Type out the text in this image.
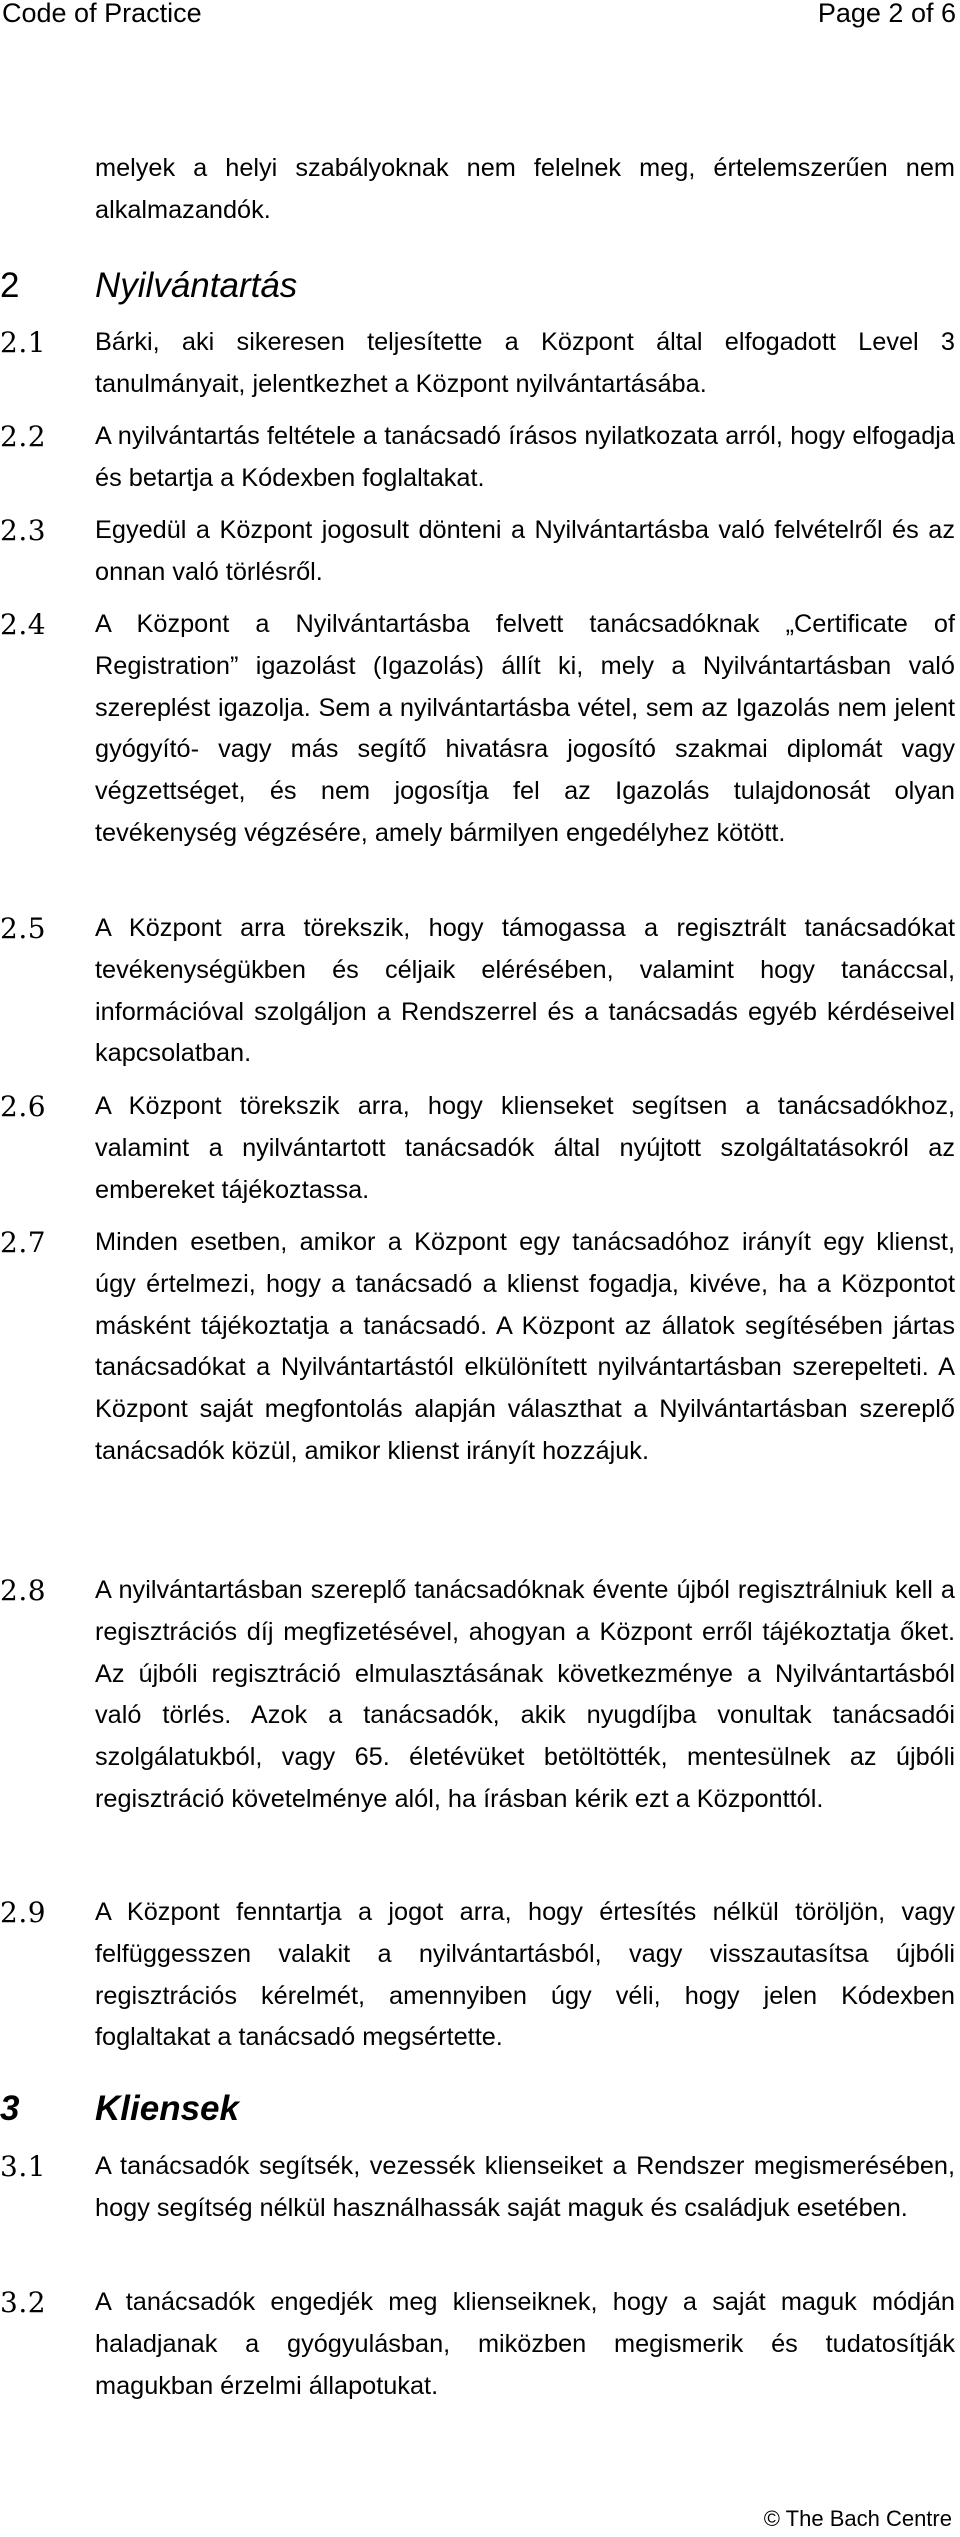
Code of Practice	Page 2 of 6

melyek a helyi szabályoknak nem felelnek meg, értelemszerűen nem alkalmazandók.

2 Nyilvántartás
2.1 Bárki, aki sikeresen teljesítette a Központ által elfogadott Level 3 tanulmányait, jelentkezhet a Központ nyilvántartásába.

2.2 A nyilvántartás feltétele a tanácsadó írásos nyilatkozata arról, hogy elfogadja és betartja a Kódexben foglaltakat.

2.3 Egyedül a Központ jogosult dönteni a Nyilvántartásba való felvételről és az onnan való törlésről.

2.4 A Központ a Nyilvántartásba felvett tanácsadóknak „Certificate of Registration” igazolást (Igazolás) állít ki, mely a Nyilvántartásban való szereplést igazolja. Sem a nyilvántartásba vétel, sem az Igazolás nem jelent gyógyító- vagy más segítő hivatásra jogosító szakmai diplomát vagy végzettséget, és nem jogosítja fel az Igazolás tulajdonosát olyan tevékenység végzésére, amely bármilyen engedélyhez kötött.

2.5 A Központ arra törekszik, hogy támogassa a regisztrált tanácsadókat tevékenységükben és céljaik elérésében, valamint hogy tanáccsal, információval szolgáljon a Rendszerrel és a tanácsadás egyéb kérdéseivel kapcsolatban.

2.6 A Központ törekszik arra, hogy klienseket segítsen a tanácsadókhoz, valamint a nyilvántartott tanácsadók által nyújtott szolgáltatásokról az embereket tájékoztassa.

2.7 Minden esetben, amikor a Központ egy tanácsadóhoz irányít egy klienst, úgy értelmezi, hogy a tanácsadó a klienst fogadja, kivéve, ha a Központot másként tájékoztatja a tanácsadó. A Központ az állatok segítésében jártas tanácsadókat a Nyilvántartástól elkülönített nyilvántartásban szerepelteti. A Központ saját megfontolás alapján választhat a Nyilvántartásban szereplő tanácsadók közül, amikor klienst irányít hozzájuk.

2.8 A nyilvántartásban szereplő tanácsadóknak évente újból regisztrálniuk kell a regisztrációs díj megfizetésével, ahogyan a Központ erről tájékoztatja őket. Az újbóli regisztráció elmulasztásának következménye a Nyilvántartásból való törlés. Azok a tanácsadók, akik nyugdíjba vonultak tanácsadói szolgálatukból, vagy 65. életévüket betöltötték, mentesülnek az újbóli regisztráció követelménye alól, ha írásban kérik ezt a Központtól.

2.9 A Központ fenntartja a jogot arra, hogy értesítés nélkül töröljön, vagy felfüggesszen valakit a nyilvántartásból, vagy visszautasítsa újbóli regisztrációs kérelmét, amennyiben úgy véli, hogy jelen Kódexben foglaltakat a tanácsadó megsértette.

3 Kliensek
3.1 A tanácsadók segítsék, vezessék klienseiket a Rendszer megismerésében, hogy segítség nélkül használhassák saját maguk és családjuk esetében.

3.2 A tanácsadók engedjék meg klienseiknek, hogy a saját maguk módján haladjanak a gyógyulásban, miközben megismerik és tudatosítják magukban érzelmi állapotukat.

© The Bach Centre
